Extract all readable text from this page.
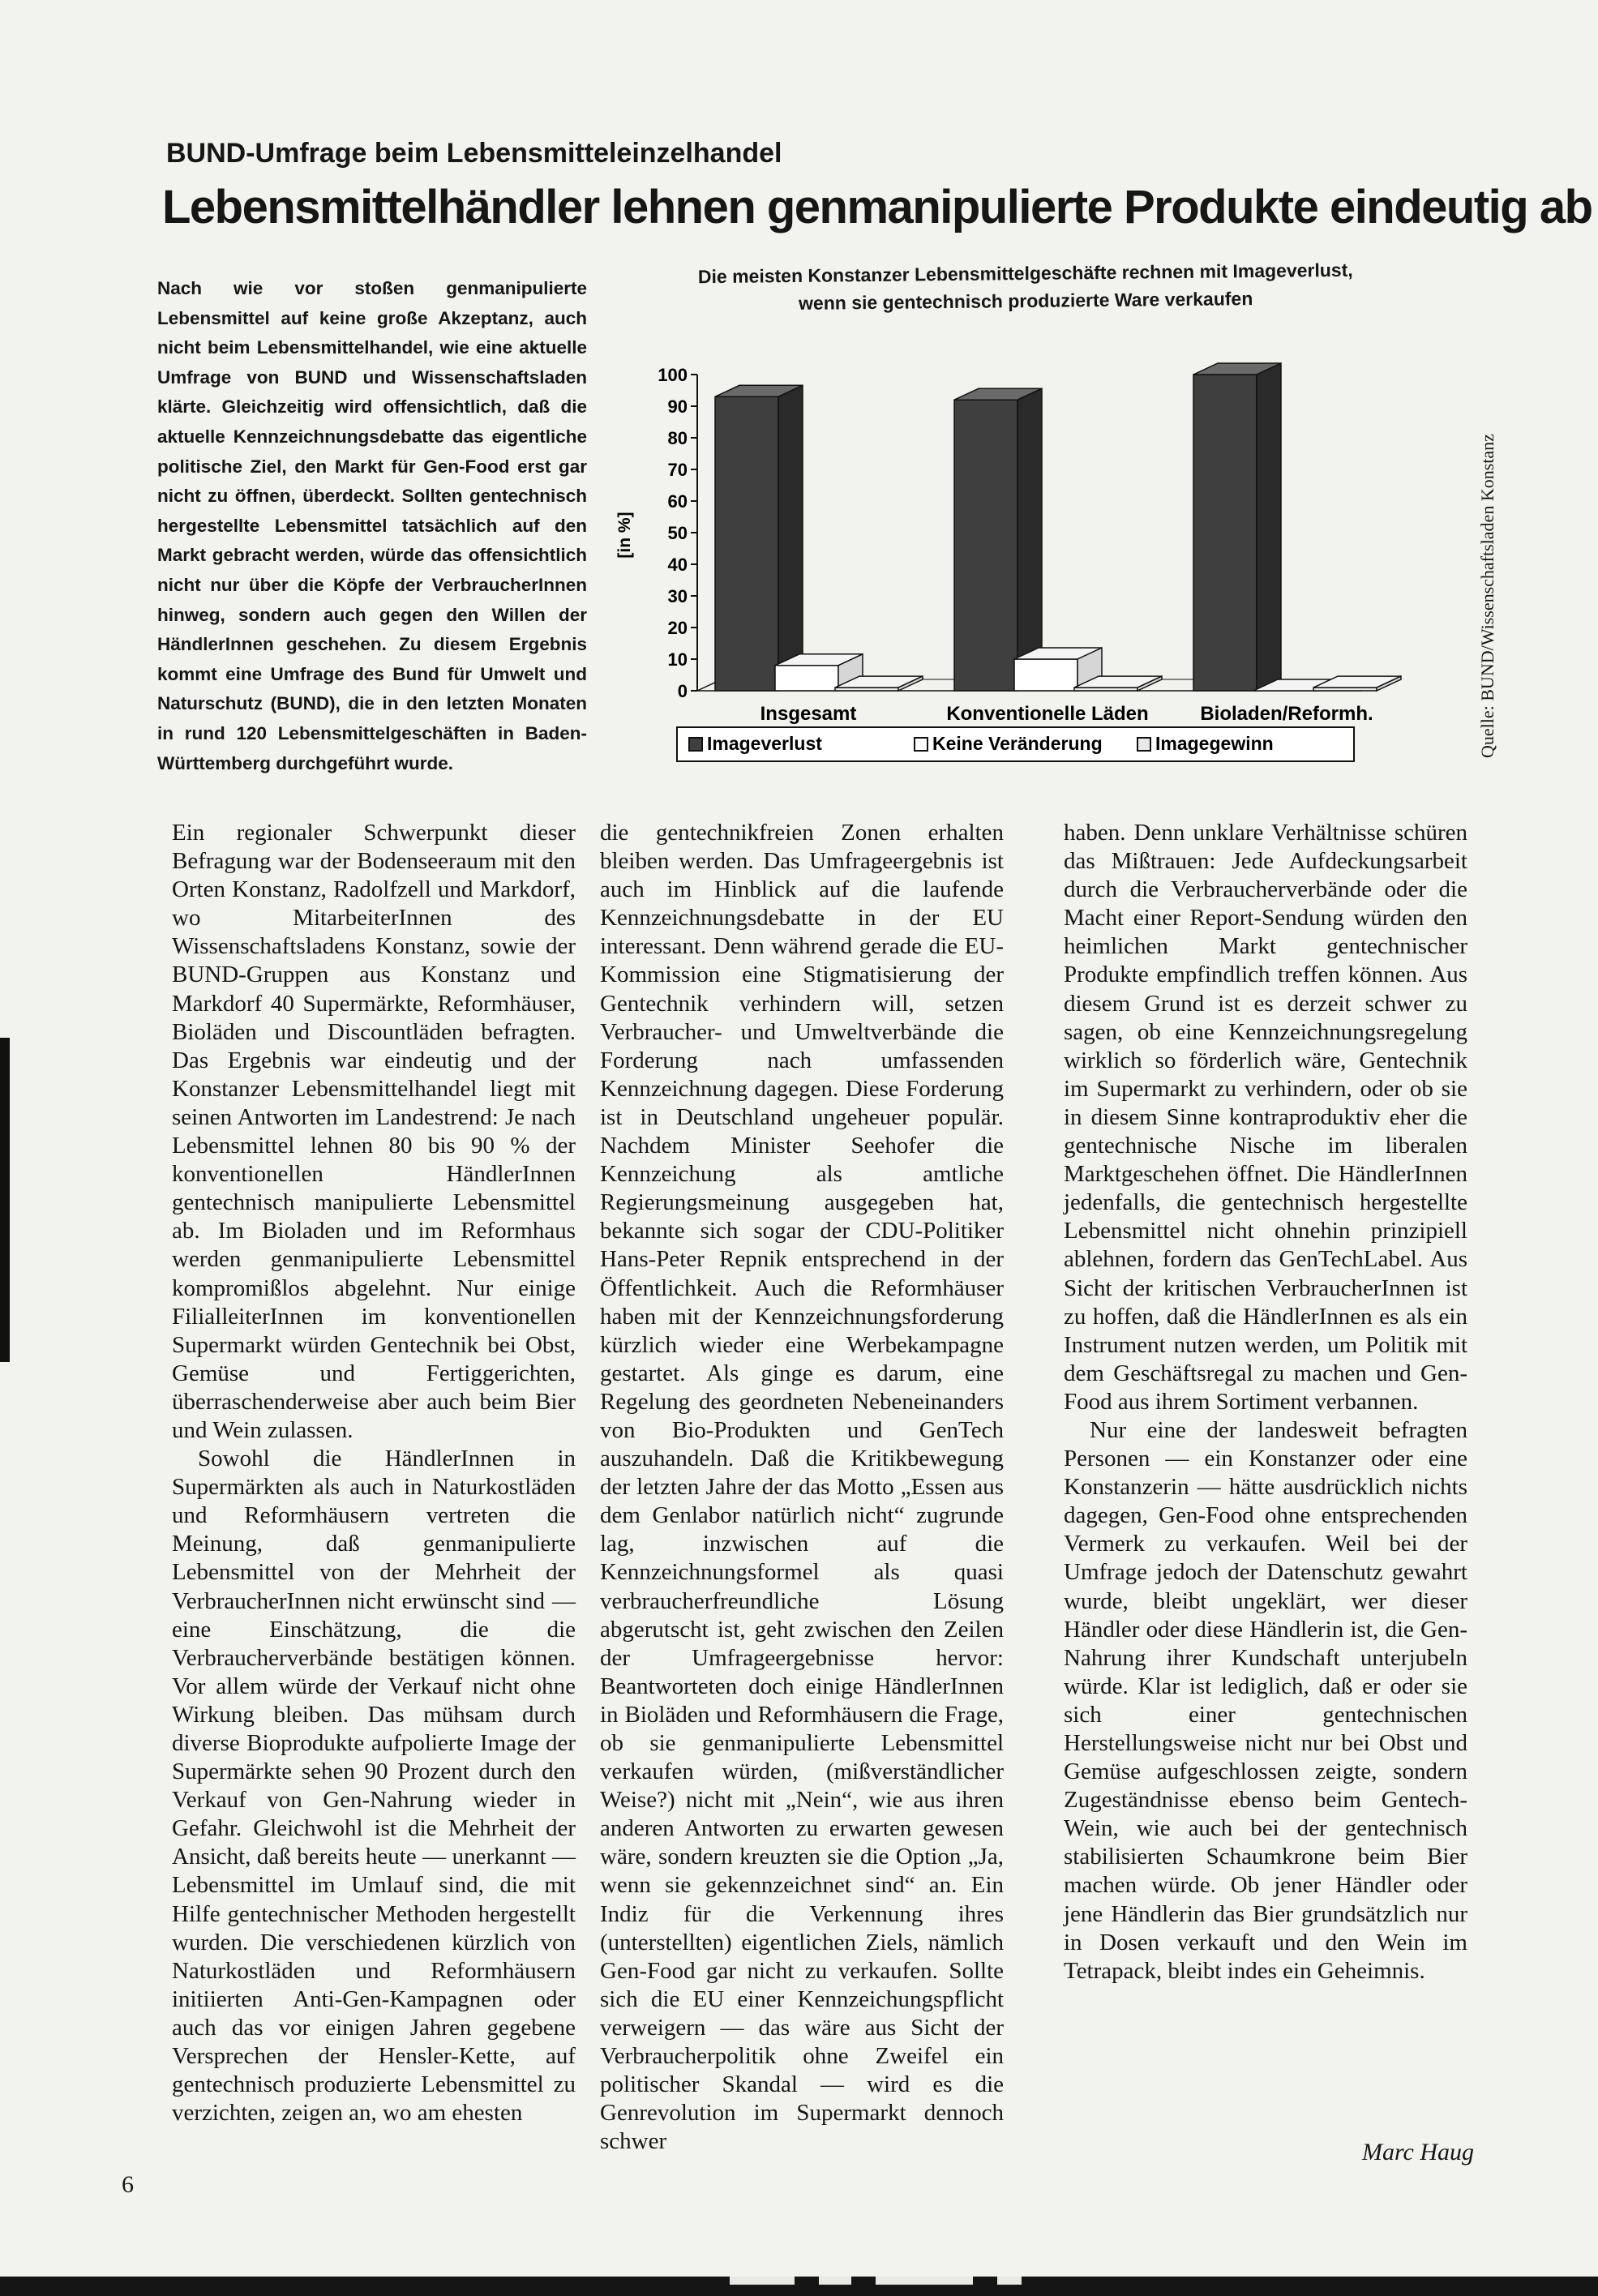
BUND-Umfrage beim Lebensmitteleinzelhandel
Lebensmittelhändler lehnen genmanipulierte Produkte eindeutig ab
Nach wie vor stoßen genmanipulierte Lebensmittel auf keine große Akzeptanz, auch nicht beim Lebensmittelhandel, wie eine aktuelle Umfrage von BUND und Wissenschaftsladen klärte. Gleichzeitig wird offensichtlich, daß die aktuelle Kennzeichnungsdebatte das eigentliche politische Ziel, den Markt für Gen-Food erst gar nicht zu öffnen, überdeckt. Sollten gentechnisch hergestellte Lebensmittel tatsächlich auf den Markt gebracht werden, würde das offensichtlich nicht nur über die Köpfe der VerbraucherInnen hinweg, sondern auch gegen den Willen der HändlerInnen geschehen. Zu diesem Ergebnis kommt eine Umfrage des Bund für Umwelt und Naturschutz (BUND), die in den letzten Monaten in rund 120 Lebensmittelgeschäften in Baden-Württemberg durchgeführt wurde.
Die meisten Konstanzer Lebensmittelgeschäfte rechnen mit Imageverlust, wenn sie gentechnisch produzierte Ware verkaufen
100
90
80
70
60
50
40
30
20
10
0
[in %]
Insgesamt	Konventionelle Läden	Bioladen/Reformh.
Imageverlust	Keine Veränderung	Imagegewinn	Quelle: BUND/Wissenschaftsladen Konstanz

Ein regionaler Schwerpunkt dieser Befragung war der Bodenseeraum mit den Orten Konstanz, Radolfzell und Markdorf, wo MitarbeiterInnen des Wissenschaftsladens Konstanz, sowie der BUND-Gruppen aus Konstanz und Markdorf 40 Supermärkte, Reformhäuser, Bioläden und Discountläden befragten. Das Ergebnis war eindeutig und der Konstanzer Lebensmittelhandel liegt mit seinen Antworten im Landestrend: Je nach Lebensmittel lehnen 80 bis 90 % der konventionellen HändlerInnen gentechnisch manipulierte Lebensmittel ab. Im Bioladen und im Reformhaus werden genmanipulierte Lebensmittel kompromißlos abgelehnt. Nur einige FilialleiterInnen im konventionellen Supermarkt würden Gentechnik bei Obst, Gemüse und Fertiggerichten, überraschenderweise aber auch beim Bier und Wein zulassen.

Sowohl die HändlerInnen in Supermärkten als auch in Naturkostläden und Reformhäusern vertreten die Meinung, daß genmanipulierte Lebensmittel von der Mehrheit der VerbraucherInnen nicht erwünscht sind — eine Einschätzung, die die Verbraucherverbände bestätigen können. Vor allem würde der Verkauf nicht ohne Wirkung bleiben. Das mühsam durch diverse Bioprodukte aufpolierte Image der Supermärkte sehen 90 Prozent durch den Verkauf von Gen-Nahrung wieder in Gefahr. Gleichwohl ist die Mehrheit der Ansicht, daß bereits heute — unerkannt — Lebensmittel im Umlauf sind, die mit Hilfe gentechnischer Methoden hergestellt wurden. Die verschiedenen kürzlich von Naturkostläden und Reformhäusern initiierten Anti-Gen-Kampagnen oder auch das vor einigen Jahren gegebene Versprechen der Hensler-Kette, auf gentechnisch produzierte Lebensmittel zu verzichten, zeigen an, wo am ehesten

die gentechnikfreien Zonen erhalten bleiben werden. Das Umfrageergebnis ist auch im Hinblick auf die laufende Kennzeichnungsdebatte in der EU interessant. Denn während gerade die EU-Kommission eine Stigmatisierung der Gentechnik verhindern will, setzen Verbraucher- und Umweltverbände die Forderung nach umfassenden Kennzeichnung dagegen. Diese Forderung ist in Deutschland ungeheuer populär. Nachdem Minister Seehofer die Kennzeichung als amtliche Regierungsmeinung ausgegeben hat, bekannte sich sogar der CDU-Politiker Hans-Peter Repnik entsprechend in der Öffentlichkeit. Auch die Reformhäuser haben mit der Kennzeichnungsforderung kürzlich wieder eine Werbekampagne gestartet. Als ginge es darum, eine Regelung des geordneten Nebeneinanders von Bio-Produkten und GenTech auszuhandeln. Daß die Kritikbewegung der letzten Jahre der das Motto „Essen aus dem Genlabor natürlich nicht“ zugrunde lag, inzwischen auf die Kennzeichnungsformel als quasi verbraucherfreundliche Lösung abgerutscht ist, geht zwischen den Zeilen der Umfrageergebnisse hervor: Beantworteten doch einige HändlerInnen in Bioläden und Reformhäusern die Frage, ob sie genmanipulierte Lebensmittel verkaufen würden, (mißverständlicher Weise?) nicht mit „Nein“, wie aus ihren anderen Antworten zu erwarten gewesen wäre, sondern kreuzten sie die Option „Ja, wenn sie gekennzeichnet sind“ an. Ein Indiz für die Verkennung ihres (unterstellten) eigentlichen Ziels, nämlich Gen-Food gar nicht zu verkaufen. Sollte sich die EU einer Kennzeichungspflicht verweigern — das wäre aus Sicht der Verbraucherpolitik ohne Zweifel ein politischer Skandal — wird es die Genrevolution im Supermarkt dennoch schwer

haben. Denn unklare Verhältnisse schüren das Mißtrauen: Jede Aufdeckungsarbeit durch die Verbraucherverbände oder die Macht einer Report-Sendung würden den heimlichen Markt gentechnischer Produkte empfindlich treffen können. Aus diesem Grund ist es derzeit schwer zu sagen, ob eine Kennzeichnungsregelung wirklich so förderlich wäre, Gentechnik im Supermarkt zu verhindern, oder ob sie in diesem Sinne kontraproduktiv eher die gentechnische Nische im liberalen Marktgeschehen öffnet. Die HändlerInnen jedenfalls, die gentechnisch hergestellte Lebensmittel nicht ohnehin prinzipiell ablehnen, fordern das GenTechLabel. Aus Sicht der kritischen VerbraucherInnen ist zu hoffen, daß die HändlerInnen es als ein Instrument nutzen werden, um Politik mit dem Geschäftsregal zu machen und Gen-Food aus ihrem Sortiment verbannen.

Nur eine der landesweit befragten Personen — ein Konstanzer oder eine Konstanzerin — hätte ausdrücklich nichts dagegen, Gen-Food ohne entsprechenden Vermerk zu verkaufen. Weil bei der Umfrage jedoch der Datenschutz gewahrt wurde, bleibt ungeklärt, wer dieser Händler oder diese Händlerin ist, die Gen-Nahrung ihrer Kundschaft unterjubeln würde. Klar ist lediglich, daß er oder sie sich einer gentechnischen Herstellungsweise nicht nur bei Obst und Gemüse aufgeschlossen zeigte, sondern Zugeständnisse ebenso beim Gentech-Wein, wie auch bei der gentechnisch stabilisierten Schaumkrone beim Bier machen würde. Ob jener Händler oder jene Händlerin das Bier grundsätzlich nur in Dosen verkauft und den Wein im Tetrapack, bleibt indes ein Geheimnis.

Marc Haug
6
